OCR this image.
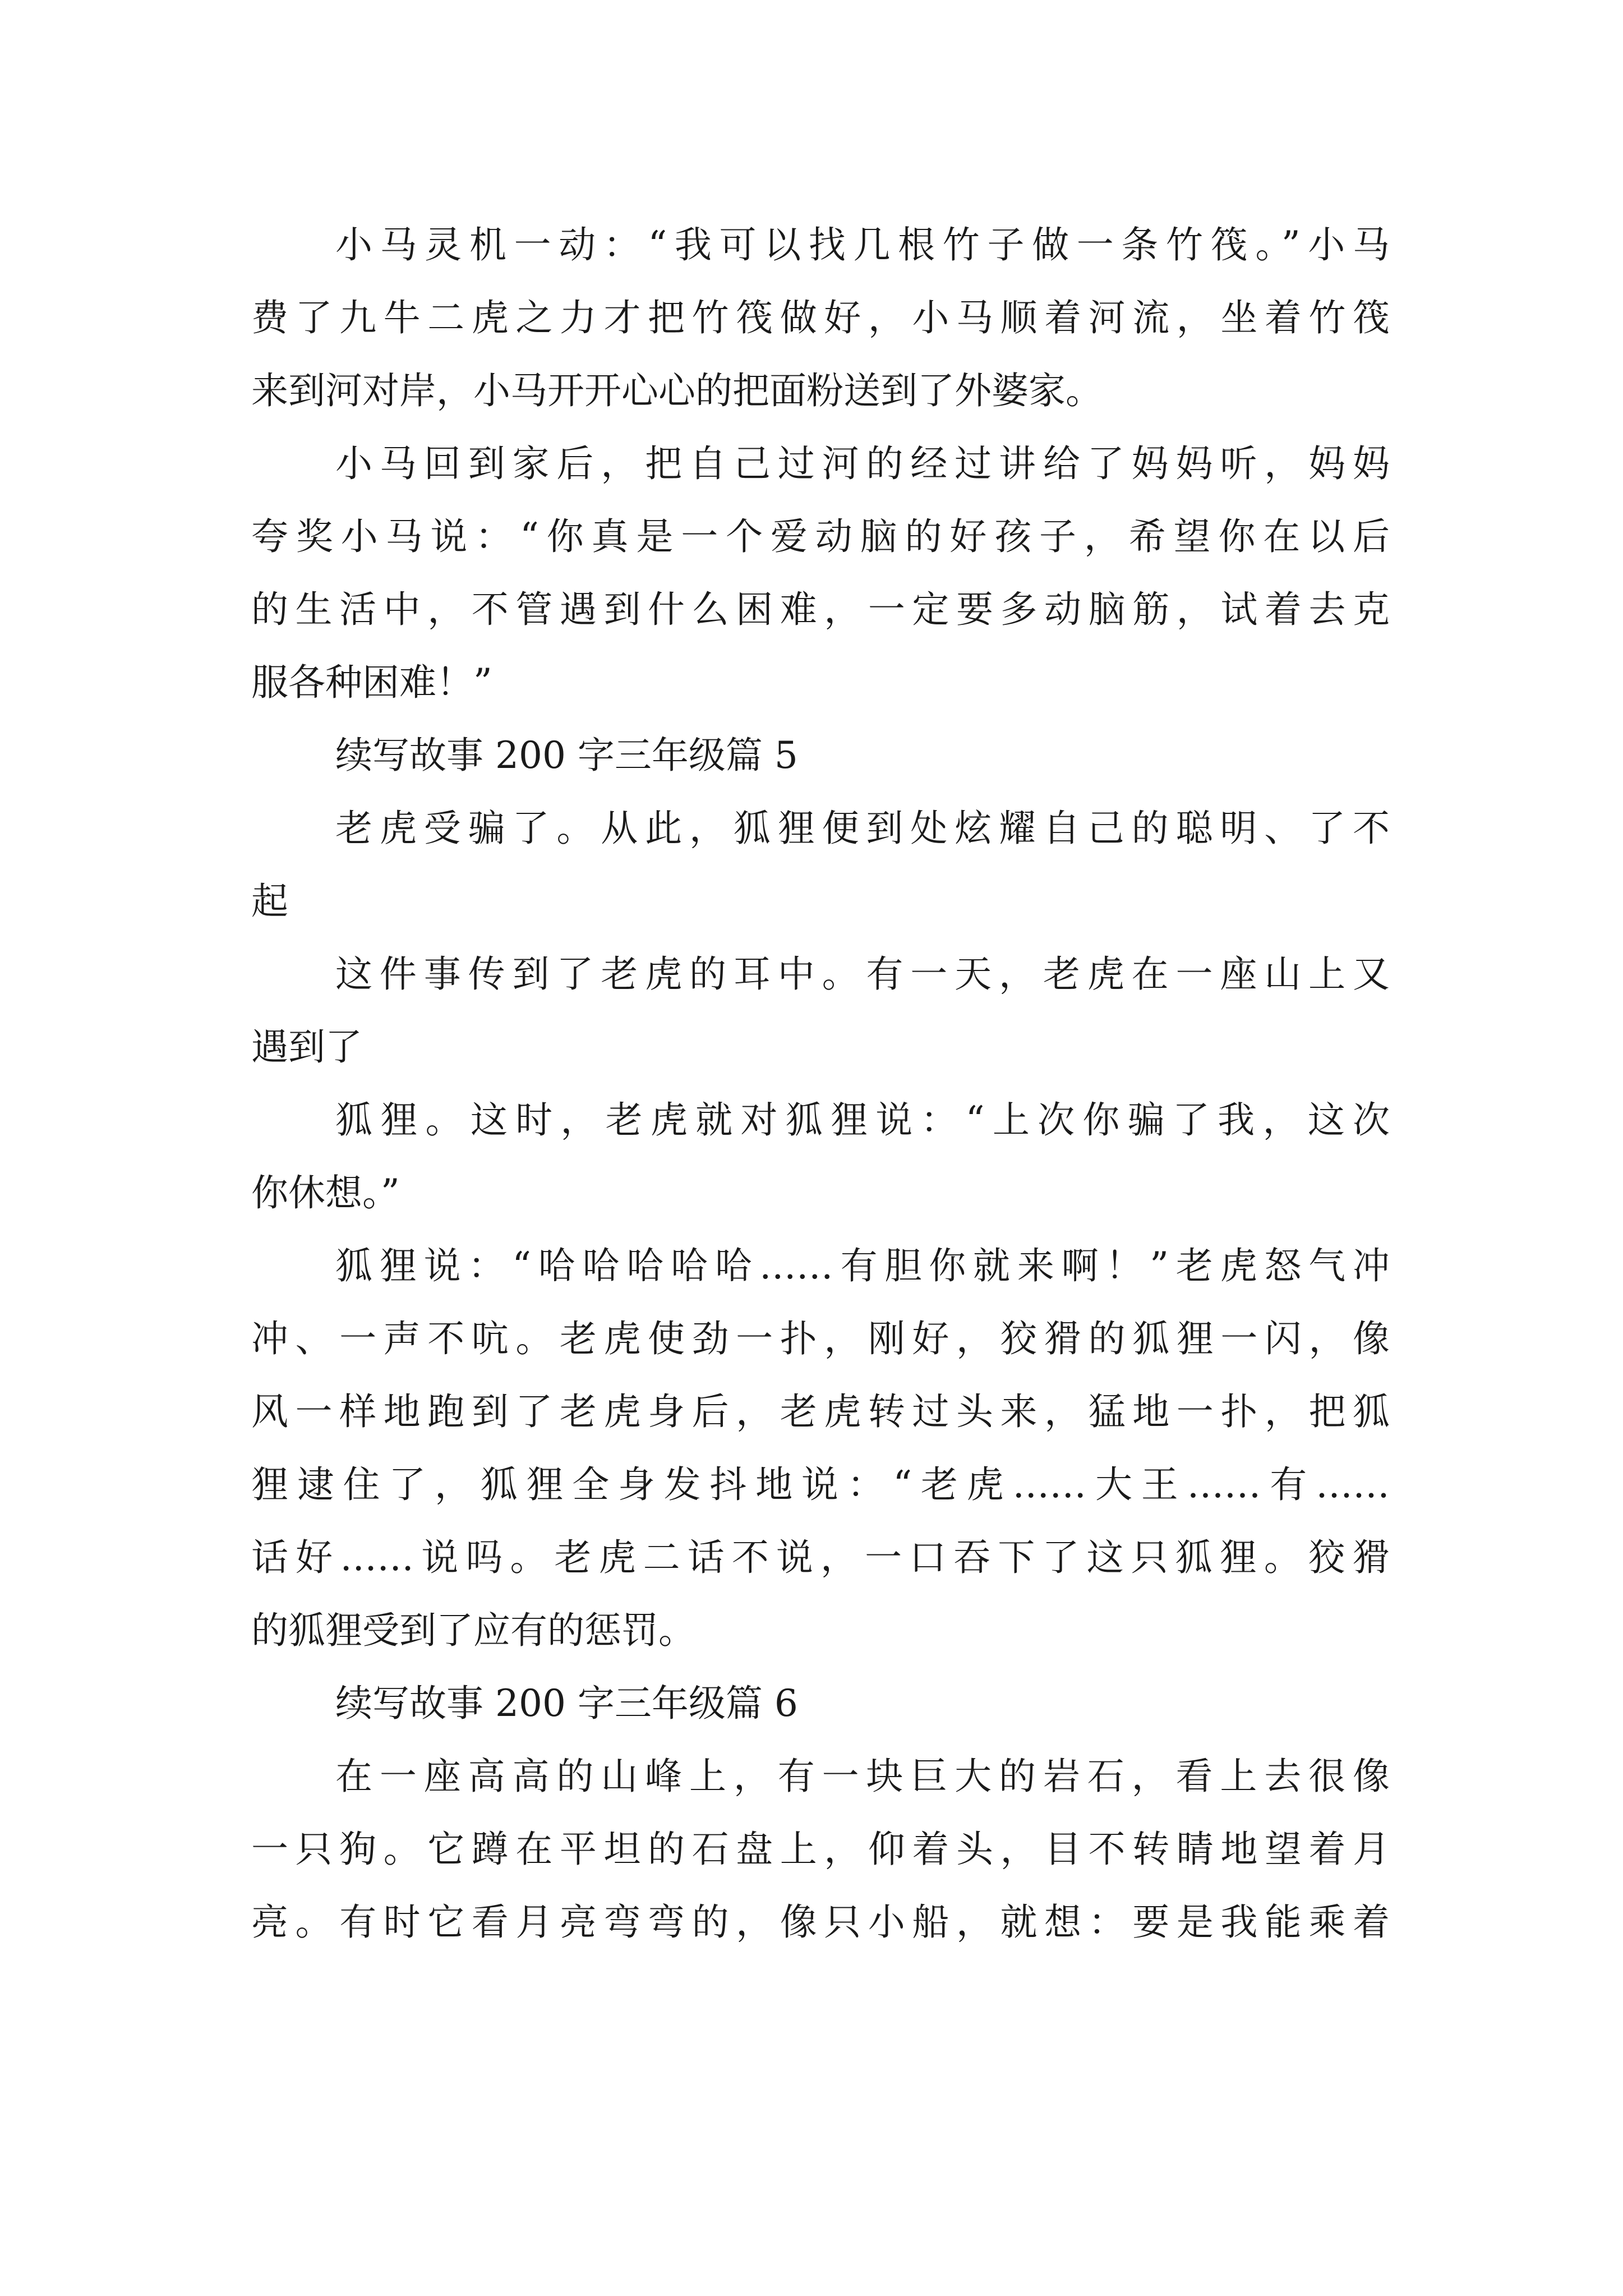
小马灵机一动：“我可以找几根竹子做一条竹筏。”小马
费了九牛二虎之力才把竹筏做好，小马顺着河流，坐着竹筏
来到河对岸，小马开开心心的把面粉送到了外婆家。
小马回到家后，把自己过河的经过讲给了妈妈听，妈妈
夸奖小马说：“你真是一个爱动脑的好孩子，希望你在以后
的生活中，不管遇到什么困难，一定要多动脑筋，试着去克
服各种困难！”
续写故事 200 字三年级篇 5
老虎受骗了。从此，狐狸便到处炫耀自己的聪明、了不
起
这件事传到了老虎的耳中。有一天，老虎在一座山上又
遇到了
狐狸。这时，老虎就对狐狸说：“上次你骗了我，这次
你休想。”
狐狸说：“哈哈哈哈哈……有胆你就来啊！”老虎怒气冲
冲、一声不吭。老虎使劲一扑，刚好，狡猾的狐狸一闪，像
风一样地跑到了老虎身后，老虎转过头来，猛地一扑，把狐
狸逮住了，狐狸全身发抖地说：“老虎……大王……有……
话好……说吗。老虎二话不说，一口吞下了这只狐狸。狡猾
的狐狸受到了应有的惩罚。
续写故事 200 字三年级篇 6
在一座高高的山峰上，有一块巨大的岩石，看上去很像
一只狗。它蹲在平坦的石盘上，仰着头，目不转睛地望着月
亮。有时它看月亮弯弯的，像只小船，就想：要是我能乘着
